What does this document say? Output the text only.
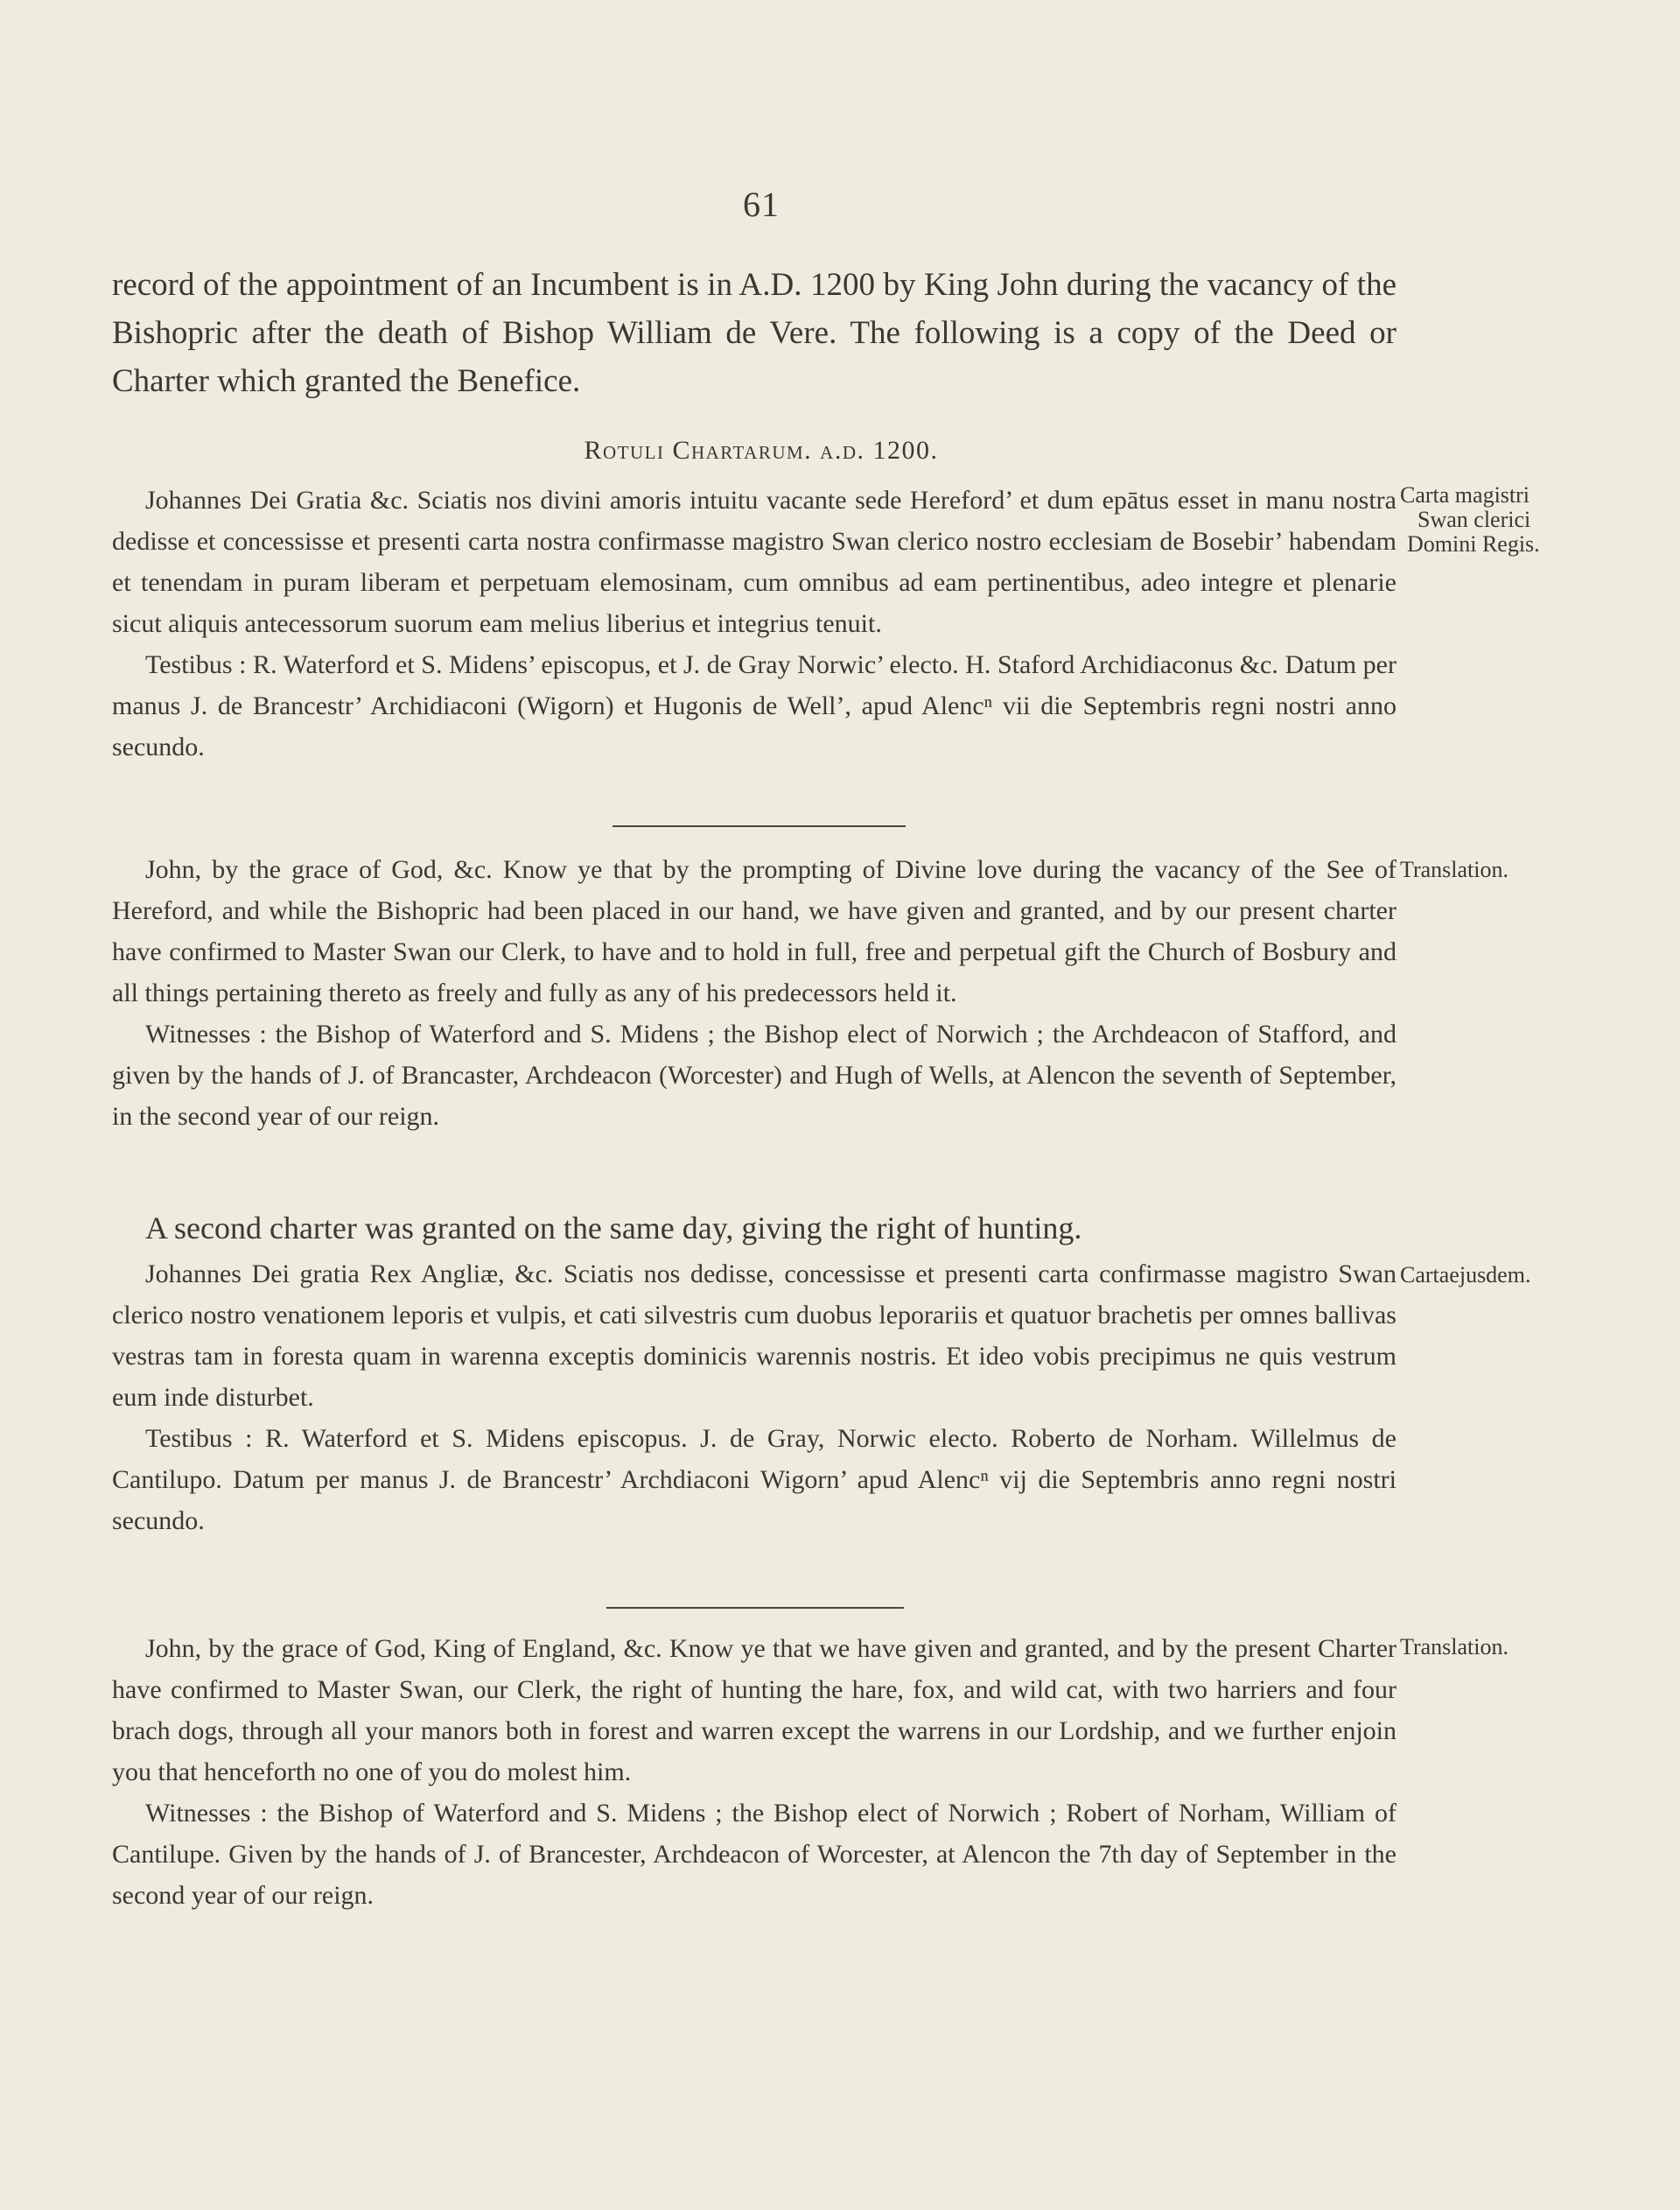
61
record of the appointment of an Incumbent is in A.D. 1200 by King John during the vacancy of the Bishopric after the death of Bishop William de Vere. The following is a copy of the Deed or Charter which granted the Benefice.
Rotuli Chartarum. a.d. 1200.

Johannes Dei Gratia &c. Sciatis nos divini amoris intuitu vacante sede Hereford’ et dum epātus esset in manu nostra dedisse et concessisse et presenti carta nostra confirmasse magistro Swan clerico nostro ecclesiam de Bosebir’ habendam et tenendam in puram liberam et perpetuam elemosinam, cum omnibus ad eam pertinentibus, adeo integre et plenarie sicut aliquis antecessorum suorum eam melius liberius et integrius tenuit.

Testibus : R. Waterford et S. Midens’ episcopus, et J. de Gray Norwic’ electo. H. Staford Archidiaconus &c. Datum per manus J. de Brancestr’ Archidiaconi (Wigorn) et Hugonis de Well’, apud Alencⁿ vii die Septembris regni nostri anno secundo.

Carta magistri
Swan clerici
Domini Regis.

John, by the grace of God, &c. Know ye that by the prompting of Divine love during the vacancy of the See of Hereford, and while the Bishopric had been placed in our hand, we have given and granted, and by our present charter have confirmed to Master Swan our Clerk, to have and to hold in full, free and perpetual gift the Church of Bosbury and all things pertaining thereto as freely and fully as any of his predecessors held it.

Witnesses : the Bishop of Waterford and S. Midens ; the Bishop elect of Norwich ; the Archdeacon of Stafford, and given by the hands of J. of Brancaster, Archdeacon (Worcester) and Hugh of Wells, at Alencon the seventh of September, in the second year of our reign.

Translation.

A second charter was granted on the same day, giving the right of hunting.

Johannes Dei gratia Rex Angliæ, &c. Sciatis nos dedisse, concessisse et presenti carta confirmasse magistro Swan clerico nostro venationem leporis et vulpis, et cati silvestris cum duobus leporariis et quatuor brachetis per omnes ballivas vestras tam in foresta quam in warenna exceptis dominicis warennis nostris. Et ideo vobis precipimus ne quis vestrum eum inde disturbet.

Testibus : R. Waterford et S. Midens episcopus. J. de Gray, Norwic electo. Roberto de Norham. Willelmus de Cantilupo. Datum per manus J. de Brancestr’ Archdiaconi Wigorn’ apud Alencⁿ vij die Septembris anno regni nostri secundo.

Cartaejusdem.

John, by the grace of God, King of England, &c. Know ye that we have given and granted, and by the present Charter have confirmed to Master Swan, our Clerk, the right of hunting the hare, fox, and wild cat, with two harriers and four brach dogs, through all your manors both in forest and warren except the warrens in our Lordship, and we further enjoin you that henceforth no one of you do molest him.

Witnesses : the Bishop of Waterford and S. Midens ; the Bishop elect of Norwich ; Robert of Norham, William of Cantilupe. Given by the hands of J. of Brancester, Archdeacon of Worcester, at Alencon the 7th day of September in the second year of our reign.

Translation.
